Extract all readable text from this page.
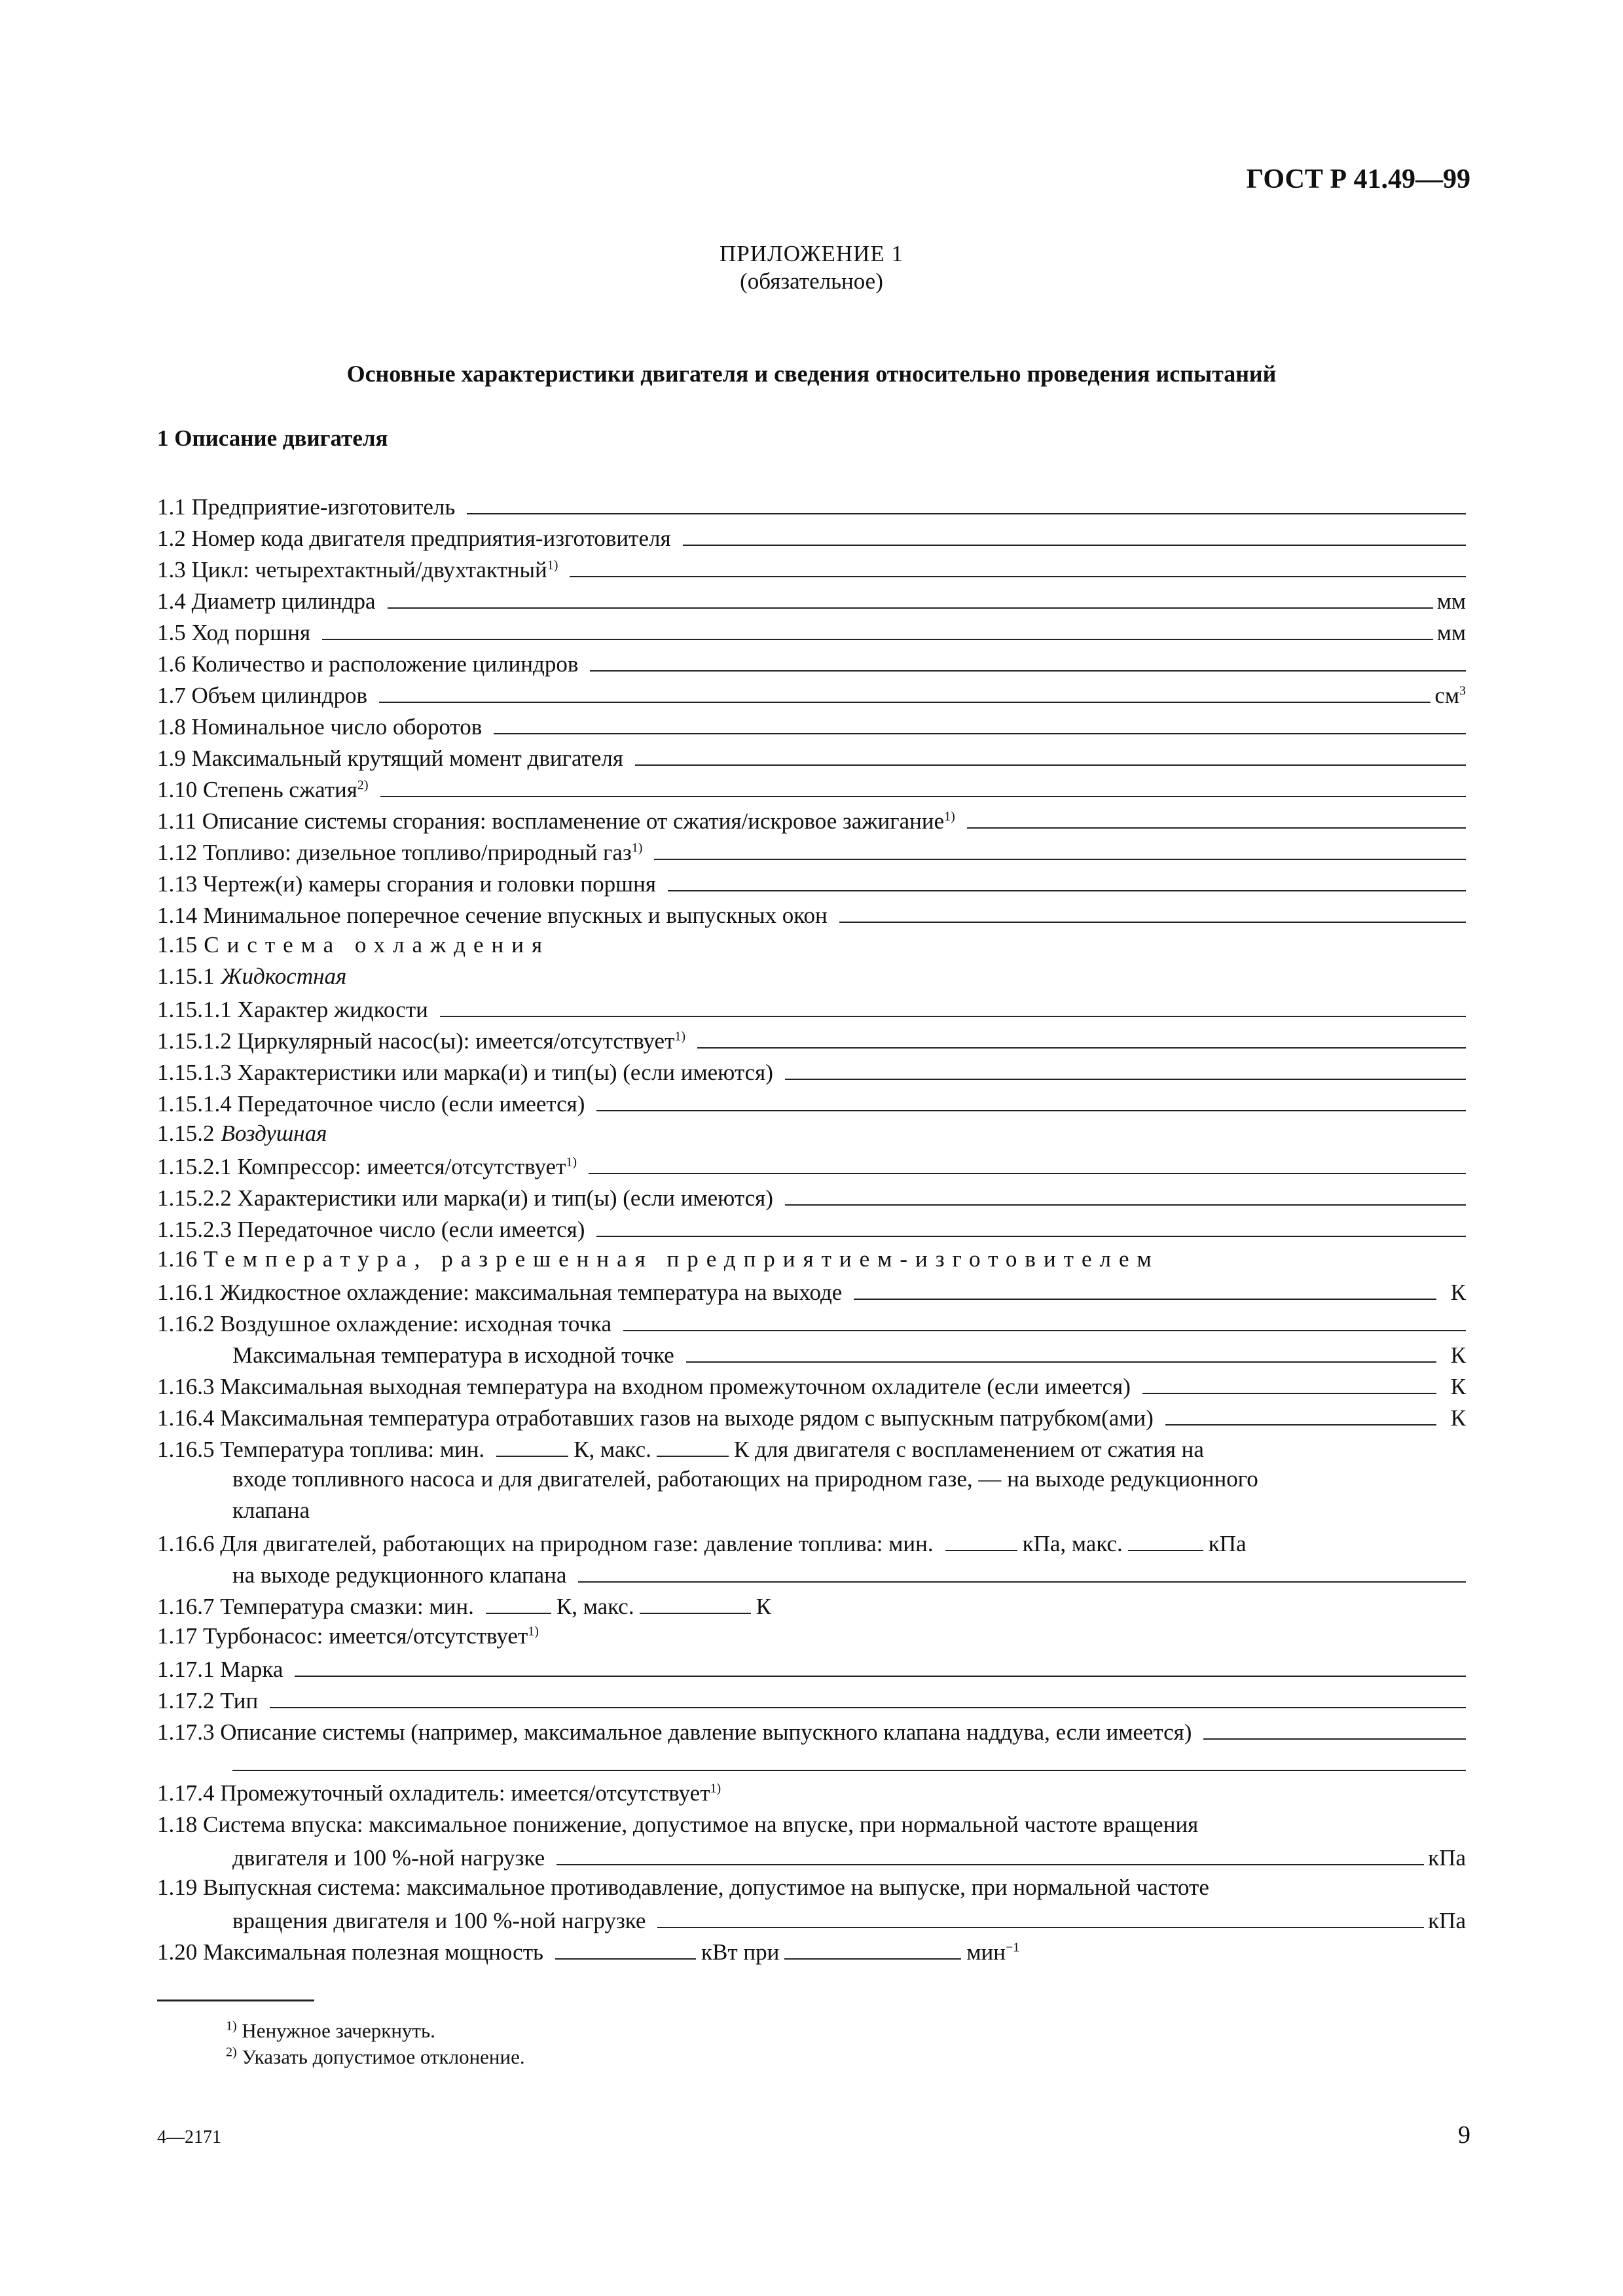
ГОСТ Р 41.49—99
ПРИЛОЖЕНИЕ 1
(обязательное)
Основные характеристики двигателя и сведения относительно проведения испытаний
1 Описание двигателя
1.1 Предприятие-изготовитель
1.2 Номер кода двигателя предприятия-изготовителя
1.3 Цикл: четырехтактный/двухтактный$^{1)}$
1.4 Диаметр цилиндра	мм
1.5 Ход поршня	мм
1.6 Количество и расположение цилиндров
1.7 Объем цилиндров	$см^3$
1.8 Номинальное число оборотов
1.9 Максимальный крутящий момент двигателя
1.10 Степень сжатия$^{2)}$
1.11 Описание системы сгорания: воспламенение от сжатия/искровое зажигание$^{1)}$
1.12 Топливо: дизельное топливо/природный газ$^{1)}$
1.13 Чертеж(и) камеры сгорания и головки поршня
1.14 Минимальное поперечное сечение впускных и выпускных окон
1.15 Система охлаждения
1.15.1 Жидкостная
1.15.1.1 Характер жидкости
1.15.1.2 Циркулярный насос(ы): имеется/отсутствует$^{1)}$
1.15.1.3 Характеристики или марка(и) и тип(ы) (если имеются)
1.15.1.4 Передаточное число (если имеется)
1.15.2 Воздушная
1.15.2.1 Компрессор: имеется/отсутствует$^{1)}$
1.15.2.2 Характеристики или марка(и) и тип(ы) (если имеются)
1.15.2.3 Передаточное число (если имеется)
1.16 Температура, разрешенная предприятием-изготовителем
1.16.1 Жидкостное охлаждение: максимальная температура на выходе	К
1.16.2 Воздушное охлаждение: исходная точка
Максимальная температура в исходной точке	К
1.16.3 Максимальная выходная температура на входном промежуточном охладителе (если имеется)	К
1.16.4 Максимальная температура отработавших газов на выходе рядом с выпускным патрубком(ами)	К
1.16.5 Температура топлива: мин.	К, макс.	К для двигателя с воспламенением от сжатия на
входе топливного насоса и для двигателей, работающих на природном газе, — на выходе редукционного
клапана
1.16.6 Для двигателей, работающих на природном газе: давление топлива: мин.	кПа, макс.	кПа
на выходе редукционного клапана
1.16.7 Температура смазки: мин.	К, макс.	К
1.17 Турбонасос: имеется/отсутствует$^{1)}$
1.17.1 Марка
1.17.2 Тип
1.17.3 Описание системы (например, максимальное давление выпускного клапана наддува, если имеется)
1.17.4 Промежуточный охладитель: имеется/отсутствует$^{1)}$
1.18 Система впуска: максимальное понижение, допустимое на впуске, при нормальной частоте вращения
двигателя и 100 %-ной нагрузке	кПа
1.19 Выпускная система: максимальное противодавление, допустимое на выпуске, при нормальной частоте
вращения двигателя и 100 %-ной нагрузке	кПа
1.20 Максимальная полезная мощность	кВт при	мин$^{-1}$
$^{1)}$ Ненужное зачеркнуть.
$^{2)}$ Указать допустимое отклонение.
4—2171	9
